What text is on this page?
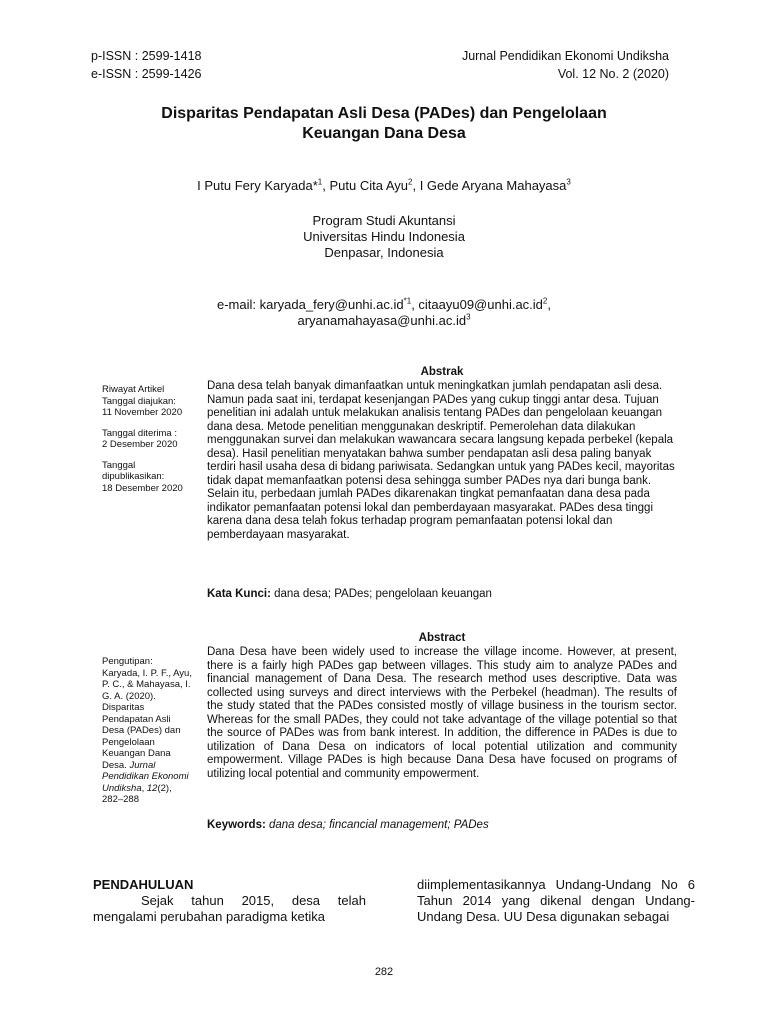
p-ISSN : 2599-1418
e-ISSN : 2599-1426
Jurnal Pendidikan Ekonomi Undiksha
Vol. 12 No. 2 (2020)
Disparitas Pendapatan Asli Desa (PADes) dan Pengelolaan
Keuangan Dana Desa
I Putu Fery Karyada*$^1$, Putu Cita Ayu$^2$, I Gede Aryana Mahayasa$^3$
Program Studi Akuntansi
Universitas Hindu Indonesia
Denpasar, Indonesia
e-mail: $karyada\_fery@unhi.ac.id^{*1}$, $citaayu09@unhi.ac.id^2$,
$aryanamahayasa@unhi.ac.id^3$
Riwayat Artikel
Tanggal diajukan:
11 November 2020
Tanggal diterima :
2 Desember 2020
Tanggal dipublikasikan:
18 Desember 2020
Pengutipan:
Karyada, I. P. F., Ayu, P. C., & Mahayasa, I. G. A. (2020). Disparitas Pendapatan Asli Desa (PADes) dan Pengelolaan Keuangan Dana Desa. Jurnal Pendidikan Ekonomi Undiksha, 12(2), 282–288
Abstrak
Dana desa telah banyak dimanfaatkan untuk meningkatkan jumlah pendapatan asli desa. Namun pada saat ini, terdapat kesenjangan PADes yang cukup tinggi antar desa. Tujuan penelitian ini adalah untuk melakukan analisis tentang PADes dan pengelolaan keuangan dana desa. Metode penelitian menggunakan deskriptif. Pemerolehan data dilakukan menggunakan survei dan melakukan wawancara secara langsung kepada perbekel (kepala desa). Hasil penelitian menyatakan bahwa sumber pendapatan asli desa paling banyak terdiri hasil usaha desa di bidang pariwisata. Sedangkan untuk yang PADes kecil, mayoritas tidak dapat memanfaatkan potensi desa sehingga sumber PADes nya dari bunga bank. Selain itu, perbedaan jumlah PADes dikarenakan tingkat pemanfaatan dana desa pada indikator pemanfaatan potensi lokal dan pemberdayaan masyarakat. PADes desa tinggi karena dana desa telah fokus terhadap program pemanfaatan potensi lokal dan pemberdayaan masyarakat.
Kata Kunci: dana desa; PADes; pengelolaan keuangan
Abstract
Dana Desa have been widely used to increase the village income. However, at present, there is a fairly high PADes gap between villages. This study aim to analyze PADes and financial management of Dana Desa. The research method uses descriptive. Data was collected using surveys and direct interviews with the Perbekel (headman). The results of the study stated that the PADes consisted mostly of village business in the tourism sector. Whereas for the small PADes, they could not take advantage of the village potential so that the source of PADes was from bank interest. In addition, the difference in PADes is due to utilization of Dana Desa on indicators of local potential utilization and community empowerment. Village PADes is high because Dana Desa have focused on programs of utilizing local potential and community empowerment.
Keywords: dana desa; fincancial management; PADes
PENDAHULUAN
Sejak tahun 2015, desa telah mengalami perubahan paradigma ketika
diimplementasikannya Undang-Undang No 6 Tahun 2014 yang dikenal dengan Undang-Undang Desa. UU Desa digunakan sebagai
282
